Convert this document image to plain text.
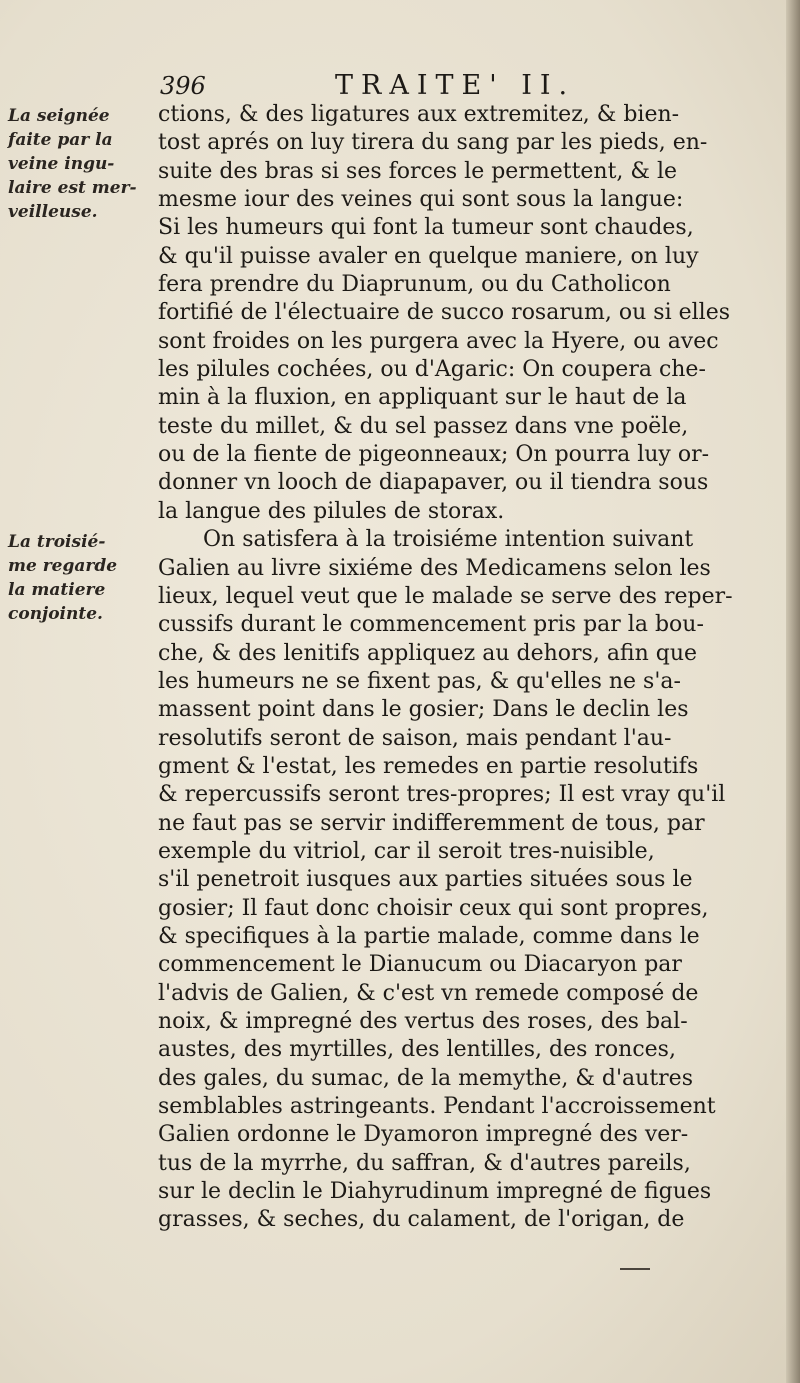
396	TRAITE' II.
La seignée
faite par la
veine ingu-
laire est mer-
veilleuse.
La troisié-
me regarde
la matiere
conjointe.
ctions, & des ligatures aux extremitez, & bien-
tost aprés on luy tirera du sang par les pieds, en-
suite des bras si ses forces le permettent, & le
mesme iour des veines qui sont sous la langue:
Si les humeurs qui font la tumeur sont chaudes,
& qu'il puisse avaler en quelque maniere, on luy
fera prendre du Diaprunum, ou du Catholicon
fortifié de l'électuaire de succo rosarum, ou si elles
sont froides on les purgera avec la Hyere, ou avec
les pilules cochées, ou d'Agaric: On coupera che-
min à la fluxion, en appliquant sur le haut de la
teste du millet, & du sel passez dans vne poële,
ou de la fiente de pigeonneaux; On pourra luy or-
donner vn looch de diapapaver, ou il tiendra sous
la langue des pilules de storax.
On satisfera à la troisiéme intention suivant
Galien au livre sixiéme des Medicamens selon les
lieux, lequel veut que le malade se serve des reper-
cussifs durant le commencement pris par la bou-
che, & des lenitifs appliquez au dehors, afin que
les humeurs ne se fixent pas, & qu'elles ne s'a-
massent point dans le gosier; Dans le declin les
resolutifs seront de saison, mais pendant l'au-
gment & l'estat, les remedes en partie resolutifs
& repercussifs seront tres-propres; Il est vray qu'il
ne faut pas se servir indifferemment de tous, par
exemple du vitriol, car il seroit tres-nuisible,
s'il penetroit iusques aux parties situées sous le
gosier; Il faut donc choisir ceux qui sont propres,
& specifiques à la partie malade, comme dans le
commencement le Dianucum ou Diacaryon par
l'advis de Galien, & c'est vn remede composé de
noix, & impregné des vertus des roses, des bal-
austes, des myrtilles, des lentilles, des ronces,
des gales, du sumac, de la memythe, & d'autres
semblables astringeants. Pendant l'accroissement
Galien ordonne le Dyamoron impregné des ver-
tus de la myrrhe, du saffran, & d'autres pareils,
sur le declin le Diahyrudinum impregné de figues
grasses, & seches, du calament, de l'origan, de
